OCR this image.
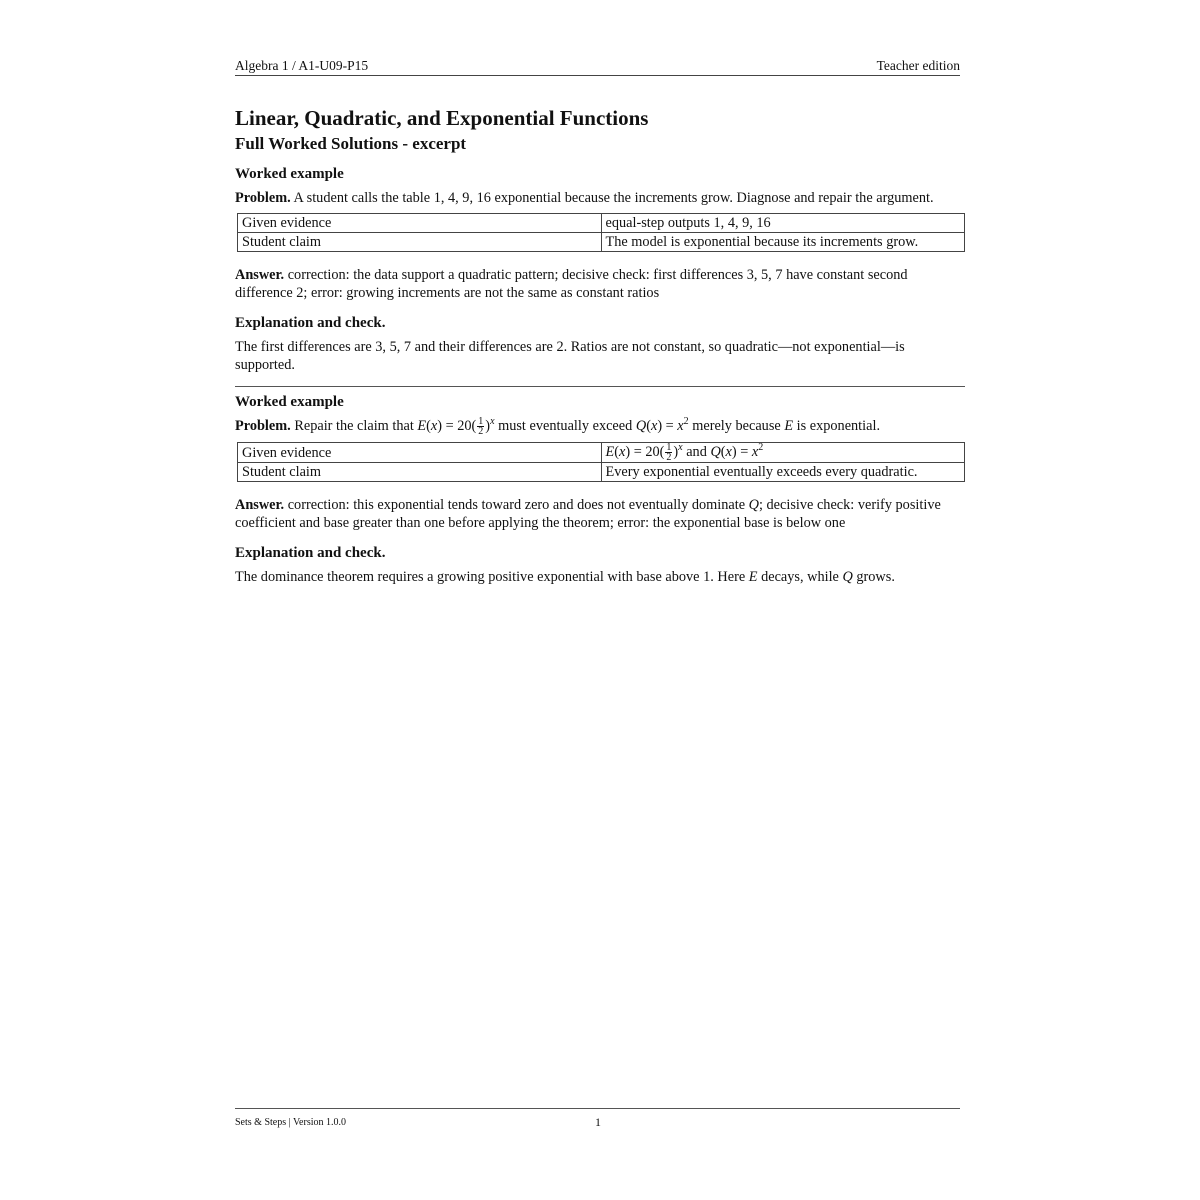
Algebra 1 / A1-U09-P15	Teacher edition
Linear, Quadratic, and Exponential Functions
Full Worked Solutions - excerpt
Worked example

Problem. A student calls the table 1, 4, 9, 16 exponential because the increments grow. Diagnose and repair the argument.

Given evidence	equal-step outputs 1, 4, 9, 16
Student claim	The model is exponential because its increments grow.

Answer. correction: the data support a quadratic pattern; decisive check: first differences 3, 5, 7 have constant second difference 2; error: growing increments are not the same as constant ratios

Explanation and check.

The first differences are 3, 5, 7 and their differences are 2. Ratios are not constant, so quadratic—not exponential—is supported.

Worked example

Problem. Repair the claim that $E(x) = 20( \frac{1}{2} )^x$ must eventually exceed $Q(x) = x^2$ merely because E is exponential.

Given evidence	$E(x) = 20( \frac{1}{2} )^x$ and $Q(x) = x^2$
Student claim	Every exponential eventually exceeds every quadratic.

Answer. correction: this exponential tends toward zero and does not eventually dominate Q; decisive check: verify positive coefficient and base greater than one before applying the theorem; error: the exponential base is below one

Explanation and check.

The dominance theorem requires a growing positive exponential with base above 1. Here E decays, while Q grows.

Sets & Steps | Version 1.0.0	1
